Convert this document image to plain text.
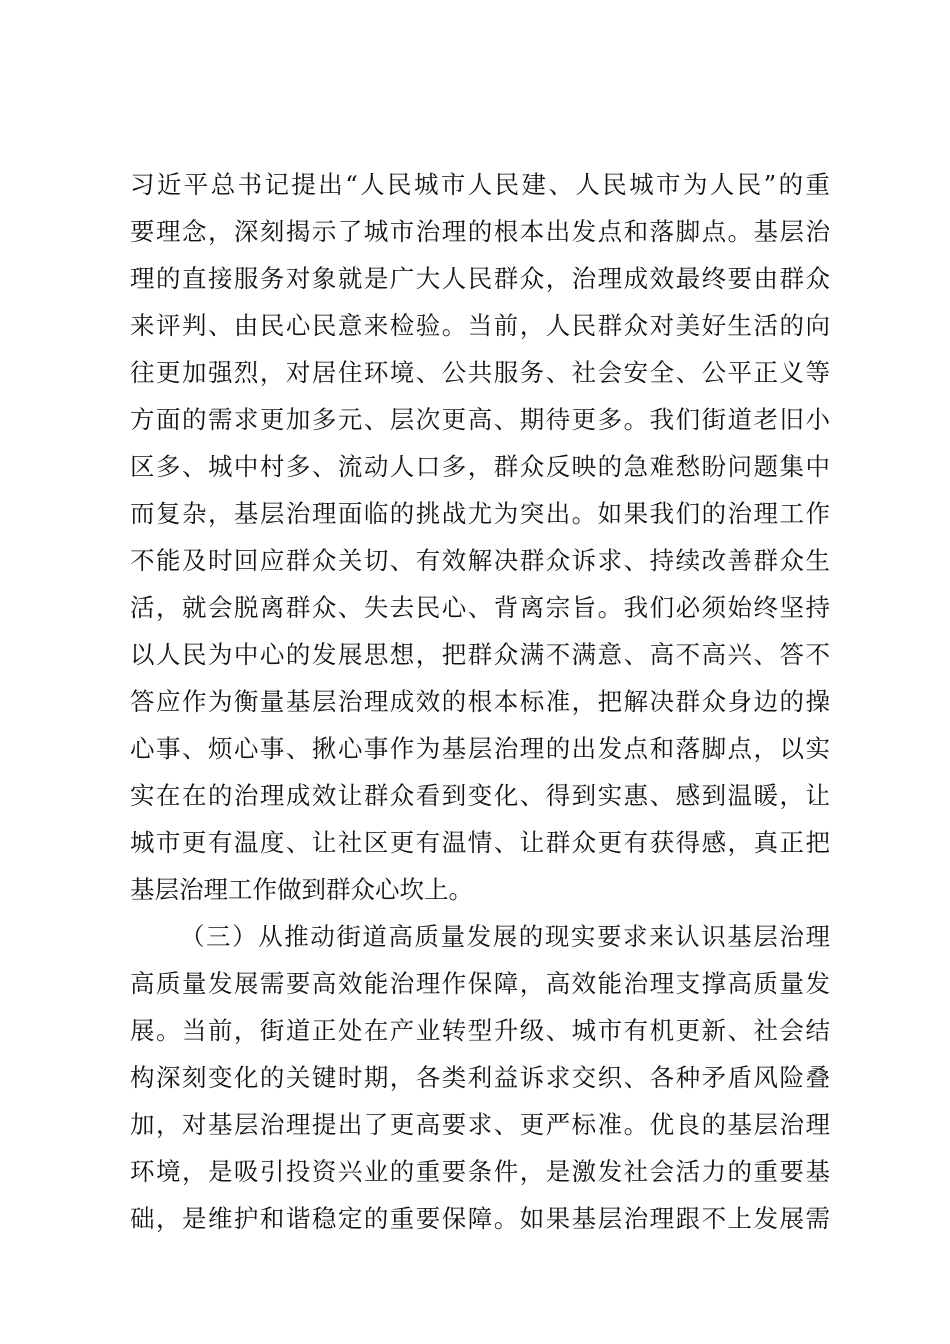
习近平总书记提出“人民城市人民建、人民城市为人民”的重
要理念，深刻揭示了城市治理的根本出发点和落脚点。基层治
理的直接服务对象就是广大人民群众，治理成效最终要由群众
来评判、由民心民意来检验。当前，人民群众对美好生活的向
往更加强烈，对居住环境、公共服务、社会安全、公平正义等
方面的需求更加多元、层次更高、期待更多。我们街道老旧小
区多、城中村多、流动人口多，群众反映的急难愁盼问题集中
而复杂，基层治理面临的挑战尤为突出。如果我们的治理工作
不能及时回应群众关切、有效解决群众诉求、持续改善群众生
活，就会脱离群众、失去民心、背离宗旨。我们必须始终坚持
以人民为中心的发展思想，把群众满不满意、高不高兴、答不
答应作为衡量基层治理成效的根本标准，把解决群众身边的操
心事、烦心事、揪心事作为基层治理的出发点和落脚点，以实
实在在的治理成效让群众看到变化、得到实惠、感到温暖，让
城市更有温度、让社区更有温情、让群众更有获得感，真正把
基层治理工作做到群众心坎上。
（三）从推动街道高质量发展的现实要求来认识基层治理
高质量发展需要高效能治理作保障，高效能治理支撑高质量发
展。当前，街道正处在产业转型升级、城市有机更新、社会结
构深刻变化的关键时期，各类利益诉求交织、各种矛盾风险叠
加，对基层治理提出了更高要求、更严标准。优良的基层治理
环境，是吸引投资兴业的重要条件，是激发社会活力的重要基
础，是维护和谐稳定的重要保障。如果基层治理跟不上发展需
